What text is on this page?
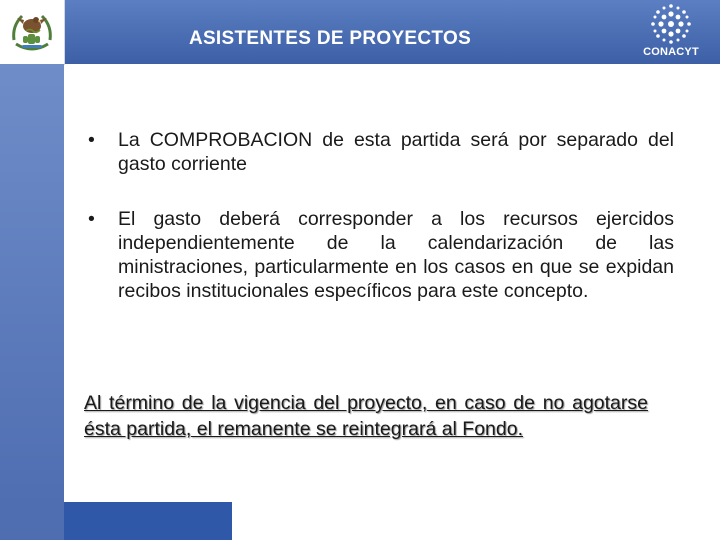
ASISTENTES DE PROYECTOS
CONACYT
•	La COMPROBACION de esta partida será por separado del gasto corriente
•	El gasto deberá corresponder a los recursos ejercidos independientemente de la calendarización de las ministraciones, particularmente en los casos en que se expidan recibos institucionales específicos para este concepto.
Al término de la vigencia del proyecto, en caso de no agotarse ésta partida, el remanente se reintegrará al Fondo.
